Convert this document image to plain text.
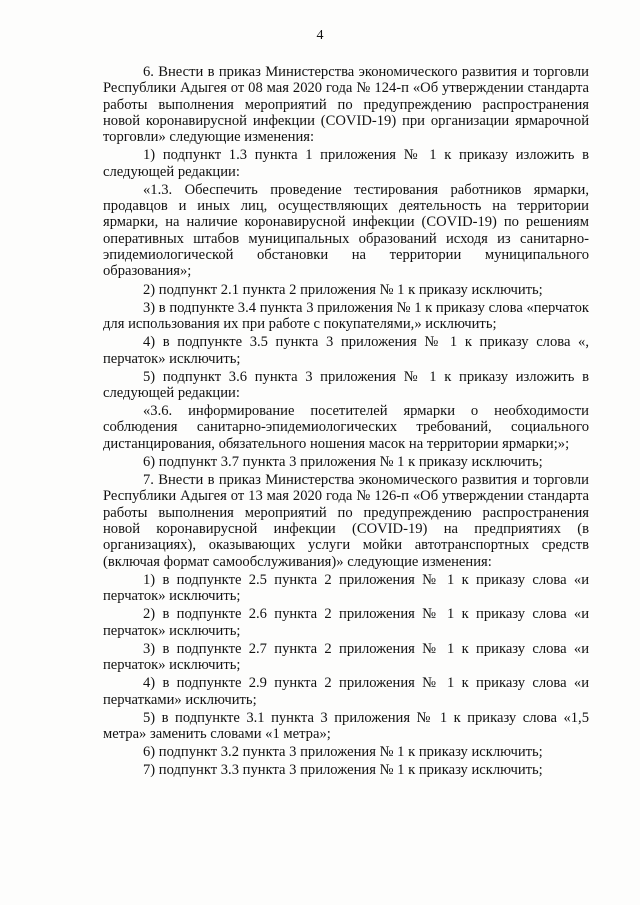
4

6. Внести в приказ Министерства экономического развития и торговли Республики Адыгея от 08 мая 2020 года № 124-п «Об утверждении стандарта работы выполнения мероприятий по предупреждению распространения новой коронавирусной инфекции (COVID-19) при организации ярмарочной торговли» следующие изменения:

1) подпункт 1.3 пункта 1 приложения № 1 к приказу изложить в следующей редакции:

«1.3. Обеспечить проведение тестирования работников ярмарки, продавцов и иных лиц, осуществляющих деятельность на территории ярмарки, на наличие коронавирусной инфекции (COVID-19) по решениям оперативных штабов муниципальных образований исходя из санитарно-эпидемиологической обстановки на территории муниципального образования»;

2) подпункт 2.1 пункта 2 приложения № 1 к приказу исключить;

3) в подпункте 3.4 пункта 3 приложения № 1 к приказу слова «перчаток для использования их при работе с покупателями,» исключить;

4) в подпункте 3.5 пункта 3 приложения № 1 к приказу слова «, перчаток» исключить;

5) подпункт 3.6 пункта 3 приложения № 1 к приказу изложить в следующей редакции:

«3.6. информирование посетителей ярмарки о необходимости соблюдения санитарно-эпидемиологических требований, социального дистанцирования, обязательного ношения масок на территории ярмарки;»;

6) подпункт 3.7 пункта 3 приложения № 1 к приказу исключить;

7. Внести в приказ Министерства экономического развития и торговли Республики Адыгея от 13 мая 2020 года № 126-п «Об утверждении стандарта работы выполнения мероприятий по предупреждению распространения новой коронавирусной инфекции (COVID-19) на предприятиях (в организациях), оказывающих услуги мойки автотранспортных средств (включая формат самообслуживания)» следующие изменения:

1) в подпункте 2.5 пункта 2 приложения № 1 к приказу слова «и перчаток» исключить;

2) в подпункте 2.6 пункта 2 приложения № 1 к приказу слова «и перчаток» исключить;

3) в подпункте 2.7 пункта 2 приложения № 1 к приказу слова «и перчаток» исключить;

4) в подпункте 2.9 пункта 2 приложения № 1 к приказу слова «и перчатками» исключить;

5) в подпункте 3.1 пункта 3 приложения № 1 к приказу слова «1,5 метра» заменить словами «1 метра»;

6) подпункт 3.2 пункта 3 приложения № 1 к приказу исключить;

7) подпункт 3.3 пункта 3 приложения № 1 к приказу исключить;
